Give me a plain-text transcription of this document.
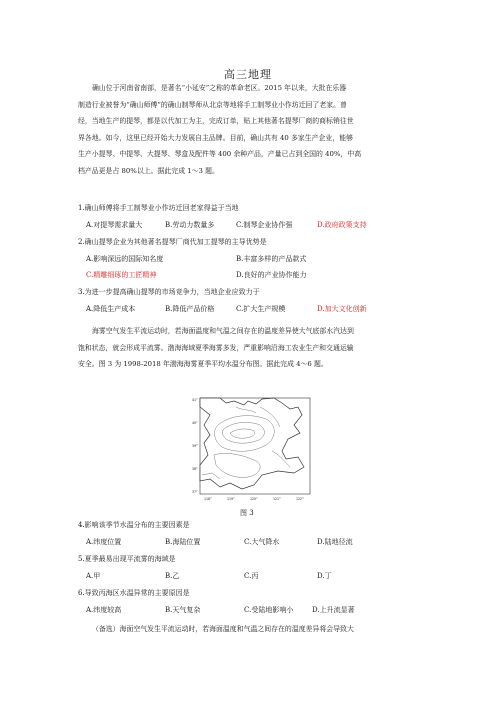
高三地理
确山位于河南省南部，是著名“小延安”之称的革命老区。2015 年以来，大批在乐器
制造行业被誉为“确山师傅”的确山制琴师从北京等地将手工制琴业小作坊迁回了老家。曾
经，当地生产的提琴，都是以代加工为主，完成订单，贴上其他著名提琴厂商的商标销往世
界各地。如今，这里已经开始大力发展自主品牌。目前，确山共有 40 多家生产企业，能够
生产小提琴、中提琴、大提琴、琴盒及配件等 400 余种产品，产量已占到全国的 40%，中高
档产品更是占 80%以上。据此完成 1～3 题。
1.确山师傅将手工制琴业小作坊迁回老家得益于当地
A.对提琴需求量大	B.劳动力数量多	C.制琴企业协作强	D.政府政策支持
2.确山提琴企业为其他著名提琴厂商代加工提琴的主导优势是
A.影响深远的国际知名度	B.丰富多样的产品款式
C.精雕细琢的工匠精神	D.良好的产业协作能力
3.为进一步提高确山提琴的市场竞争力，当地企业应致力于
A.降低生产成本	B.降低产品价格	C.扩大生产规模	D.加大文化创新
海雾空气发生平流运动时，若海面温度和气温之间存在的温度差异使大气底部水汽达到
饱和状态，就会形成平流雾。渤海海域夏季海雾多发，严重影响沿海工农业生产和交通运输
安全。图 3 为 1998-2018 年渤海海雾夏季平均水温分布图。据此完成 4～6 题。
41°
40°
39°
38°
37°
118°	119°	120°	121°	122°
图 3
4.影响该季节水温分布的主要因素是
A.纬度位置	B.海陆位置	C.大气降水	D.陆地径流
5.夏季最易出现平流雾的海域是
A.甲	B.乙	C.丙	D.丁
6.导致丙海区水温异常的主要原因是
A.纬度较高	B.天气复杂	C.受陆地影响小	D.上升流显著
（备选）海面空气发生平流运动时，若海面温度和气温之间存在的温度差异将会导致大
